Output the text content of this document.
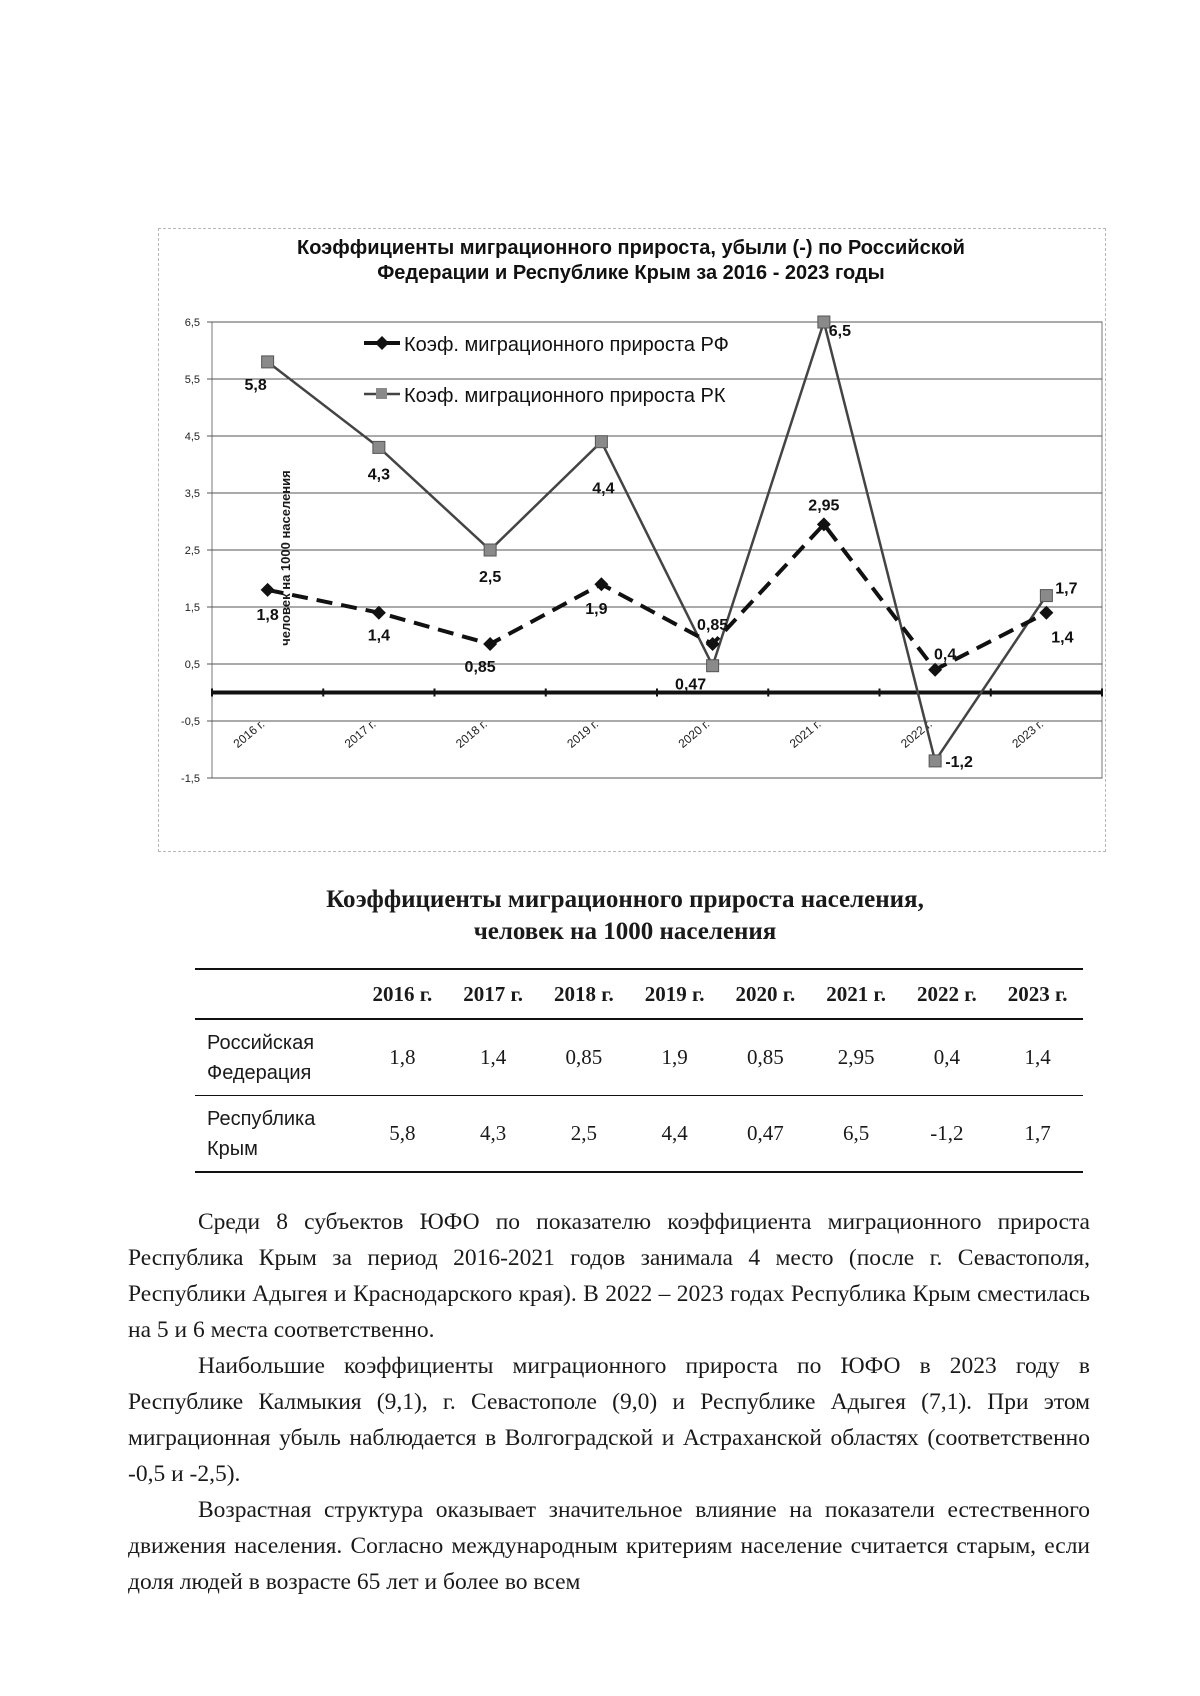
Коэффициенты миграционного прироста, убыли (-) по Российской
Федерации и Республике Крым за 2016 - 2023 годы
6,5
5,5
4,5
3,5
2,5
1,5
0,5
-0,5
-1,5
2016 г.	2017 г.	2018 г.	2019 г.	2020 г.	2021 г.	2022 г.	2023 г.
1,8
1,4
0,85
1,9
0,85
2,95
0,4
1,4
5,8
4,3
2,5
4,4
0,47
6,5
-1,2
1,7
Коэф. миграционного прироста РФ
Коэф. миграционного прироста РК
человек на 1000 населения
Коэффициенты миграционного прироста населения,
человек на 1000 населения
	2016 г.	2017 г.	2018 г.	2019 г.	2020 г.	2021 г.	2022 г.	2023 г.

Российская
Федерация	1,8	1,4	0,85	1,9	0,85	2,95	0,4	1,4

Республика
Крым	5,8	4,3	2,5	4,4	0,47	6,5	-1,2	1,7

Среди 8 субъектов ЮФО по показателю коэффициента миграционного прироста Республика Крым за период 2016-2021 годов занимала 4 место (после г. Севастополя, Республики Адыгея и Краснодарского края). В 2022 – 2023 годах Республика Крым сместилась на 5 и 6 места соответственно.

Наибольшие коэффициенты миграционного прироста по ЮФО в 2023 году в Республике Калмыкия (9,1), г. Севастополе (9,0) и Республике Адыгея (7,1). При этом миграционная убыль наблюдается в Волгоградской и Астраханской областях (соответственно -0,5 и -2,5).

Возрастная структура оказывает значительное влияние на показатели естественного движения населения. Согласно международным критериям население считается старым, если доля людей в возрасте 65 лет и более во всем
